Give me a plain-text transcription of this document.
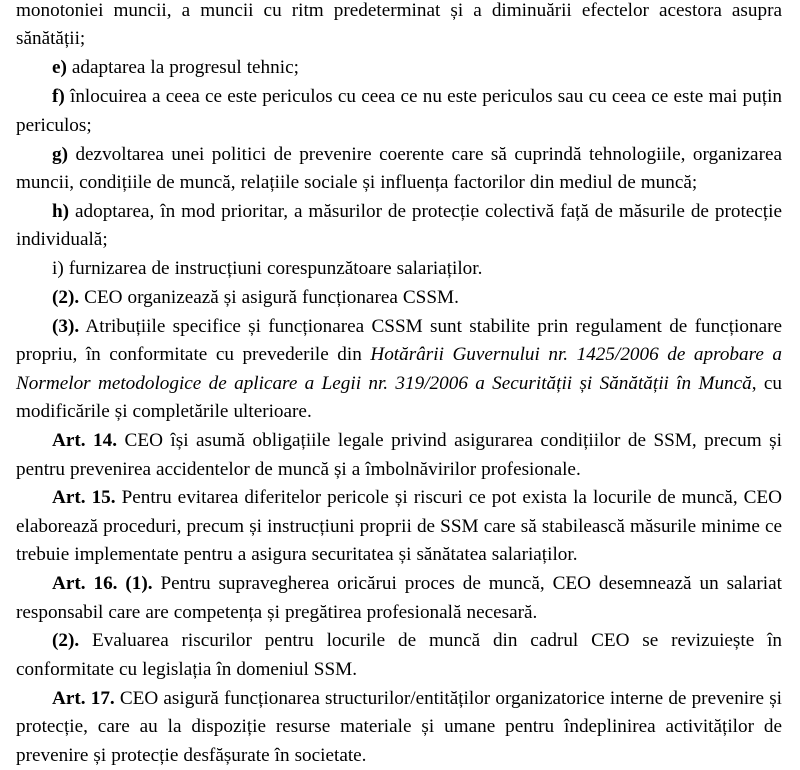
monotoniei muncii, a muncii cu ritm predeterminat și a diminuării efectelor acestora asupra sănătății;

e) adaptarea la progresul tehnic;

f) înlocuirea a ceea ce este periculos cu ceea ce nu este periculos sau cu ceea ce este mai puțin periculos;

g) dezvoltarea unei politici de prevenire coerente care să cuprindă tehnologiile, organizarea muncii, condițiile de muncă, relațiile sociale și influența factorilor din mediul de muncă;

h) adoptarea, în mod prioritar, a măsurilor de protecție colectivă față de măsurile de protecție individuală;

i) furnizarea de instrucțiuni corespunzătoare salariaților.

(2). CEO organizează și asigură funcționarea CSSM.

(3). Atribuțiile specifice și funcționarea CSSM sunt stabilite prin regulament de funcționare propriu, în conformitate cu prevederile din Hotărârii Guvernului nr. 1425/2006 de aprobare a Normelor metodologice de aplicare a Legii nr. 319/2006 a Securității și Sănătății în Muncă, cu modificările și completările ulterioare.

Art. 14. CEO își asumă obligațiile legale privind asigurarea condițiilor de SSM, precum și pentru prevenirea accidentelor de muncă și a îmbolnăvirilor profesionale.

Art. 15. Pentru evitarea diferitelor pericole și riscuri ce pot exista la locurile de muncă, CEO elaborează proceduri, precum și instrucțiuni proprii de SSM care să stabilească măsurile minime ce trebuie implementate pentru a asigura securitatea și sănătatea salariaților.

Art. 16. (1). Pentru supravegherea oricărui proces de muncă, CEO desemnează un salariat responsabil care are competența și pregătirea profesională necesară.

(2). Evaluarea riscurilor pentru locurile de muncă din cadrul CEO se revizuiește în conformitate cu legislația în domeniul SSM.

Art. 17. CEO asigură funcționarea structurilor/entităților organizatorice interne de prevenire și protecție, care au la dispoziție resurse materiale și umane pentru îndeplinirea activităților de prevenire și protecție desfășurate în societate.
